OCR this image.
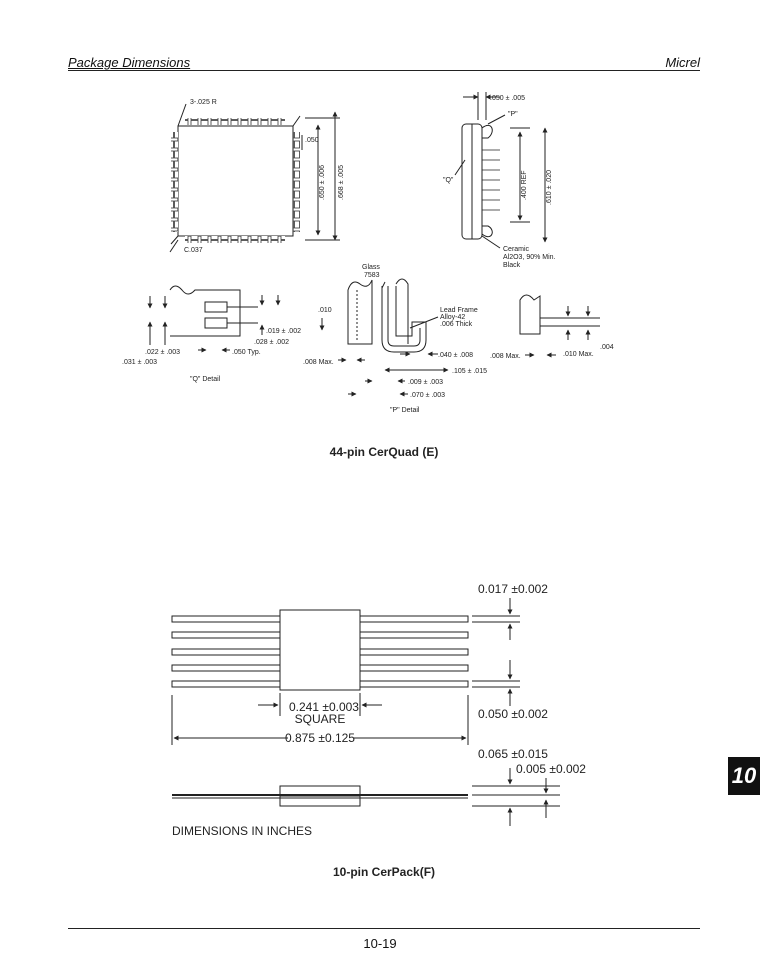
Package Dimensions	Micrel
3-.025 R
C.037
.050
.650 ± .006 .668 ± .005
.050 ± .005
"P"
"Q"	.400 REF	.610 ± .020
Ceramic
Al2O3, 90% Min.
Black
.019 ± .002
.028 ± .002
.022 ± .003
.031 ± .003
.050 Typ.
"Q" Detail
Glass
7583
Lead Frame
Alloy-42
.006 Thick
.010
.008 Max.
.040 ± .008
.105 ± .015
.009 ± .003
.070 ± .003
"P" Detail
.008 Max.	.010 Max.
.004
44-pin CerQuad (E)
0.017 ±0.002
0.241 ±0.003
SQUARE	0.050 ±0.002
0.875 ±0.125
0.065 ±0.015
0.005 ±0.002
DIMENSIONS IN INCHES
10-pin CerPack(F)
10-19
10
